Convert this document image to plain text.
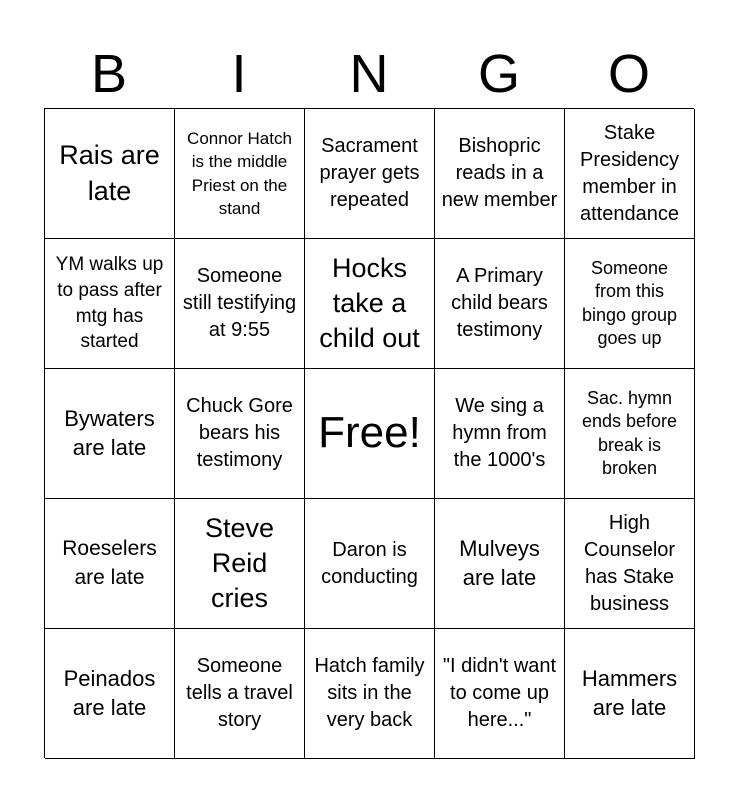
B	I	N	G	O
Rais are late
Connor Hatch is the middle Priest on the stand
Sacrament prayer gets repeated
Bishopric reads in a new member
Stake Presidency member in attendance
YM walks up to pass after mtg has started
Someone still testifying at 9:55
Hocks take a child out
A Primary child bears testimony
Someone from this bingo group goes up
Bywaters are late
Chuck Gore bears his testimony
Free!
We sing a hymn from the 1000's
Sac. hymn ends before break is broken
Roeselers are late
Steve Reid cries
Daron is conducting
Mulveys are late
High Counselor has Stake business
Peinados are late
Someone tells a travel story
Hatch family sits in the very back
"I didn't want to come up here..."
Hammers are late
